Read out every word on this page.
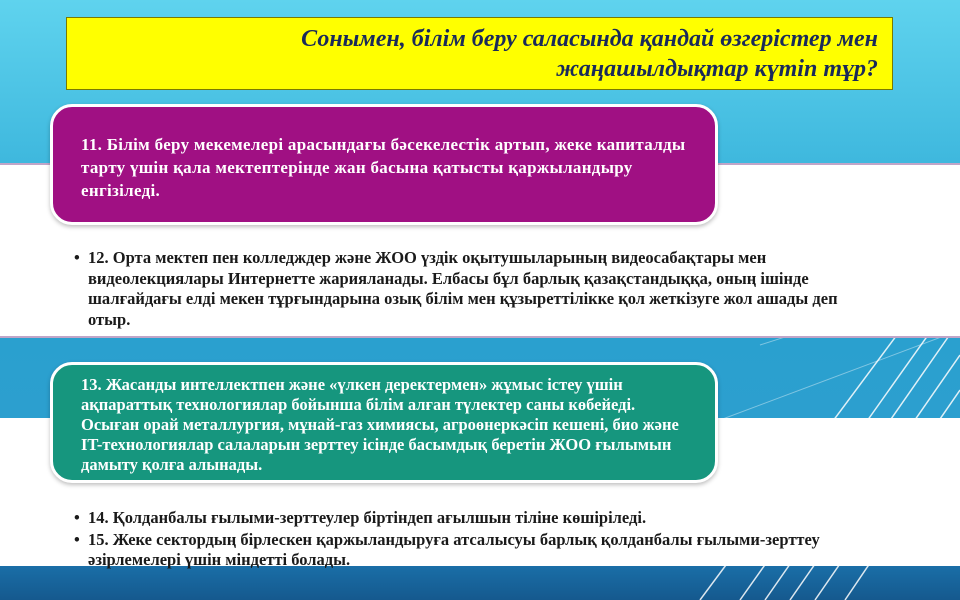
Сонымен, білім беру саласында қандай өзгерістер мен
жаңашылдықтар күтіп тұр?
11. Білім беру мекемелері арасындағы бәсекелестік артып, жеке капиталды тарту үшін қала мектептерінде жан басына қатысты қаржыландыру енгізіледі.
• 12. Орта мектеп пен колледждер және ЖОО үздік оқытушыларының видеосабақтары мен видеолекциялары Интернетте жарияланады. Елбасы бұл барлық қазақстандыққа, оның ішінде шалғайдағы елді мекен тұрғындарына озық білім мен құзыреттілікке қол жеткізуге жол ашады деп отыр.
13. Жасанды интеллектпен және «үлкен деректермен» жұмыс істеу үшін ақпараттық технологиялар бойынша білім алған түлектер саны көбейеді. Осыған орай металлургия, мұнай-газ химиясы, агроөнеркәсіп кешені, био және IT-технологиялар салаларын зерттеу ісінде басымдық беретін ЖОО ғылымын дамыту қолға алынады.
• 14. Қолданбалы ғылыми-зерттеулер біртіндеп ағылшын тіліне көшіріледі.
• 15. Жеке сектордың бірлескен қаржыландыруға атсалысуы барлық қолданбалы ғылыми-зерттеу әзірлемелері үшін міндетті болады.
